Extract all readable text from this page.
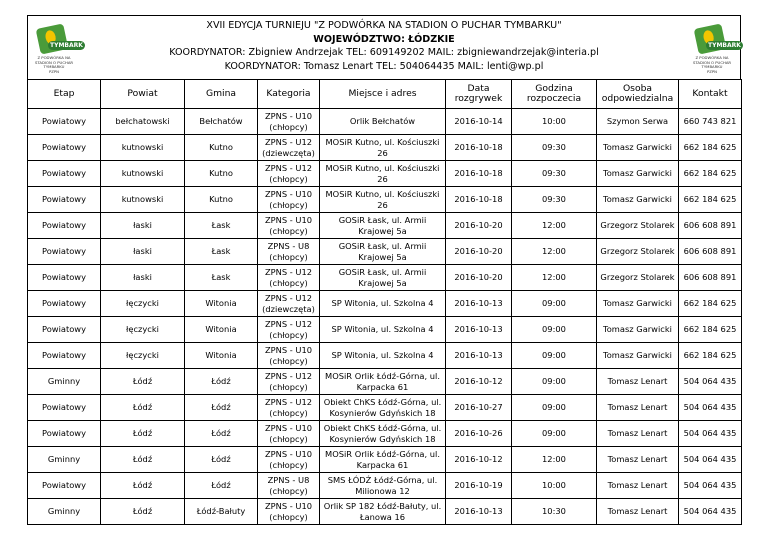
TYMBARK
Z PODWÓRKA NA STADION O PUCHAR TYMBARKU
PZPN
XVII EDYCJA TURNIEJU "Z PODWÓRKA NA STADION O PUCHAR TYMBARKU"
WOJEWÓDZTWO: ŁÓDZKIE
KOORDYNATOR: Zbigniew Andrzejak TEL: 609149202 MAIL: zbigniewandrzejak@interia.pl
KOORDYNATOR: Tomasz Lenart TEL: 504064435 MAIL: lenti@wp.pl
TYMBARK
Z PODWÓRKA NA STADION O PUCHAR TYMBARKU
PZPN
Etap	Powiat	Gmina	Kategoria	Miejsce i adres	Data rozgrywek	Godzina rozpoczecia	Osoba odpowiedzialna	Kontakt
Powiatowy	bełchatowski	Bełchatów	ZPNS - U10 (chłopcy)	Orlik Bełchatów	2016-10-14	10:00	Szymon Serwa	660 743 821
Powiatowy	kutnowski	Kutno	ZPNS - U12 (dziewczęta)	MOSiR Kutno, ul. Kościuszki 26	2016-10-18	09:30	Tomasz Garwicki	662 184 625
Powiatowy	kutnowski	Kutno	ZPNS - U12 (chłopcy)	MOSiR Kutno, ul. Kościuszki 26	2016-10-18	09:30	Tomasz Garwicki	662 184 625
Powiatowy	kutnowski	Kutno	ZPNS - U10 (chłopcy)	MOSiR Kutno, ul. Kościuszki 26	2016-10-18	09:30	Tomasz Garwicki	662 184 625
Powiatowy	łaski	Łask	ZPNS - U10 (chłopcy)	GOSiR Łask, ul. Armii Krajowej 5a	2016-10-20	12:00	Grzegorz Stolarek	606 608 891
Powiatowy	łaski	Łask	ZPNS - U8 (chłopcy)	GOSiR Łask, ul. Armii Krajowej 5a	2016-10-20	12:00	Grzegorz Stolarek	606 608 891
Powiatowy	łaski	Łask	ZPNS - U12 (chłopcy)	GOSiR Łask, ul. Armii Krajowej 5a	2016-10-20	12:00	Grzegorz Stolarek	606 608 891
Powiatowy	łęczycki	Witonia	ZPNS - U12 (dziewczęta)	SP Witonia, ul. Szkolna 4	2016-10-13	09:00	Tomasz Garwicki	662 184 625
Powiatowy	łęczycki	Witonia	ZPNS - U12 (chłopcy)	SP Witonia, ul. Szkolna 4	2016-10-13	09:00	Tomasz Garwicki	662 184 625
Powiatowy	łęczycki	Witonia	ZPNS - U10 (chłopcy)	SP Witonia, ul. Szkolna 4	2016-10-13	09:00	Tomasz Garwicki	662 184 625
Gminny	Łódź	Łódź	ZPNS - U12 (chłopcy)	MOSiR Orlik Łódź-Górna, ul. Karpacka 61	2016-10-12	09:00	Tomasz Lenart	504 064 435
Powiatowy	Łódź	Łódź	ZPNS - U12 (chłopcy)	Obiekt ChKS Łódź-Górna, ul. Kosynierów Gdyńskich 18	2016-10-27	09:00	Tomasz Lenart	504 064 435
Powiatowy	Łódź	Łódź	ZPNS - U10 (chłopcy)	Obiekt ChKS Łódź-Górna, ul. Kosynierów Gdyńskich 18	2016-10-26	09:00	Tomasz Lenart	504 064 435
Gminny	Łódź	Łódź	ZPNS - U10 (chłopcy)	MOSiR Orlik Łódź-Górna, ul. Karpacka 61	2016-10-12	12:00	Tomasz Lenart	504 064 435
Powiatowy	Łódź	Łódź	ZPNS - U8 (chłopcy)	SMS ŁÓDŹ Łódź-Górna, ul. Milionowa 12	2016-10-19	10:00	Tomasz Lenart	504 064 435
Gminny	Łódź	Łódź-Bałuty	ZPNS - U10 (chłopcy)	Orlik SP 182 Łódź-Bałuty, ul. Łanowa 16	2016-10-13	10:30	Tomasz Lenart	504 064 435
